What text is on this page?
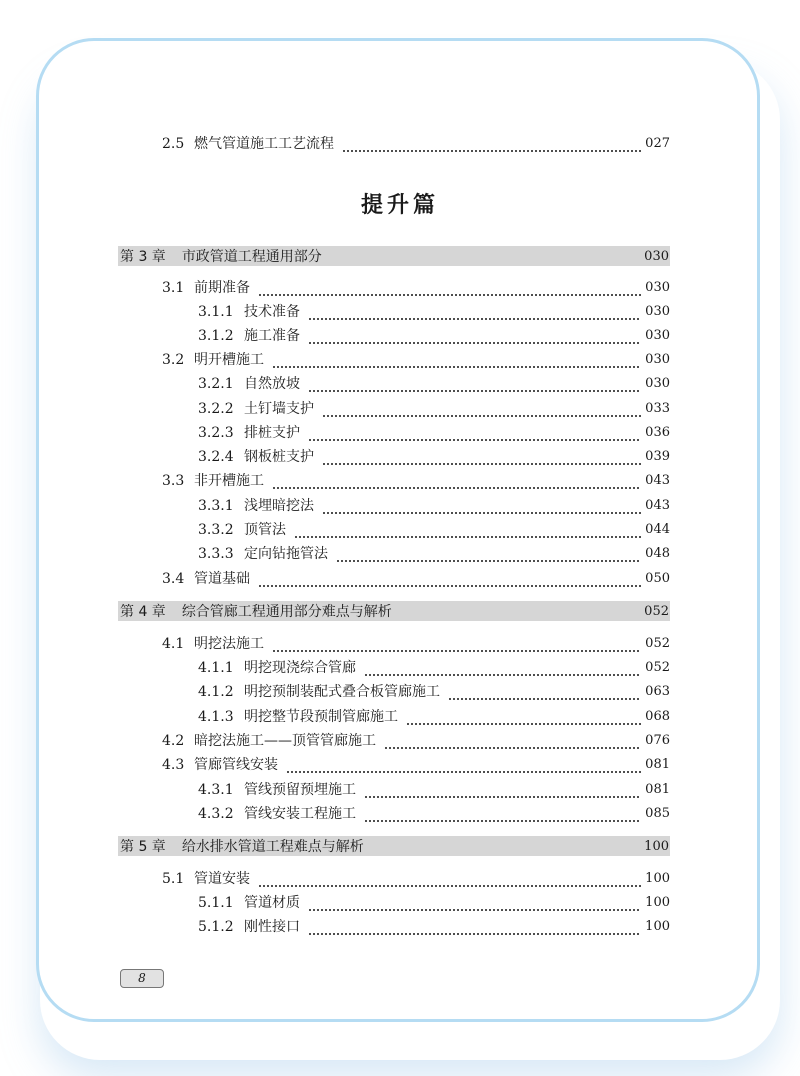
2.5 燃气管道施工工艺流程	027
提升篇
第 3 章 市政管道工程通用部分	030
3.1 前期准备	030
3.1.1 技术准备	030
3.1.2 施工准备	030
3.2 明开槽施工	030
3.2.1 自然放坡	030
3.2.2 土钉墙支护	033
3.2.3 排桩支护	036
3.2.4 钢板桩支护	039
3.3 非开槽施工	043
3.3.1 浅埋暗挖法	043
3.3.2 顶管法	044
3.3.3 定向钻拖管法	048
3.4 管道基础	050
第 4 章 综合管廊工程通用部分难点与解析	052
4.1 明挖法施工	052
4.1.1 明挖现浇综合管廊	052
4.1.2 明挖预制装配式叠合板管廊施工	063
4.1.3 明挖整节段预制管廊施工	068
4.2 暗挖法施工——顶管管廊施工	076
4.3 管廊管线安装	081
4.3.1 管线预留预埋施工	081
4.3.2 管线安装工程施工	085
第 5 章 给水排水管道工程难点与解析	100
5.1 管道安装	100
5.1.1 管道材质	100
5.1.2 刚性接口	100
8
